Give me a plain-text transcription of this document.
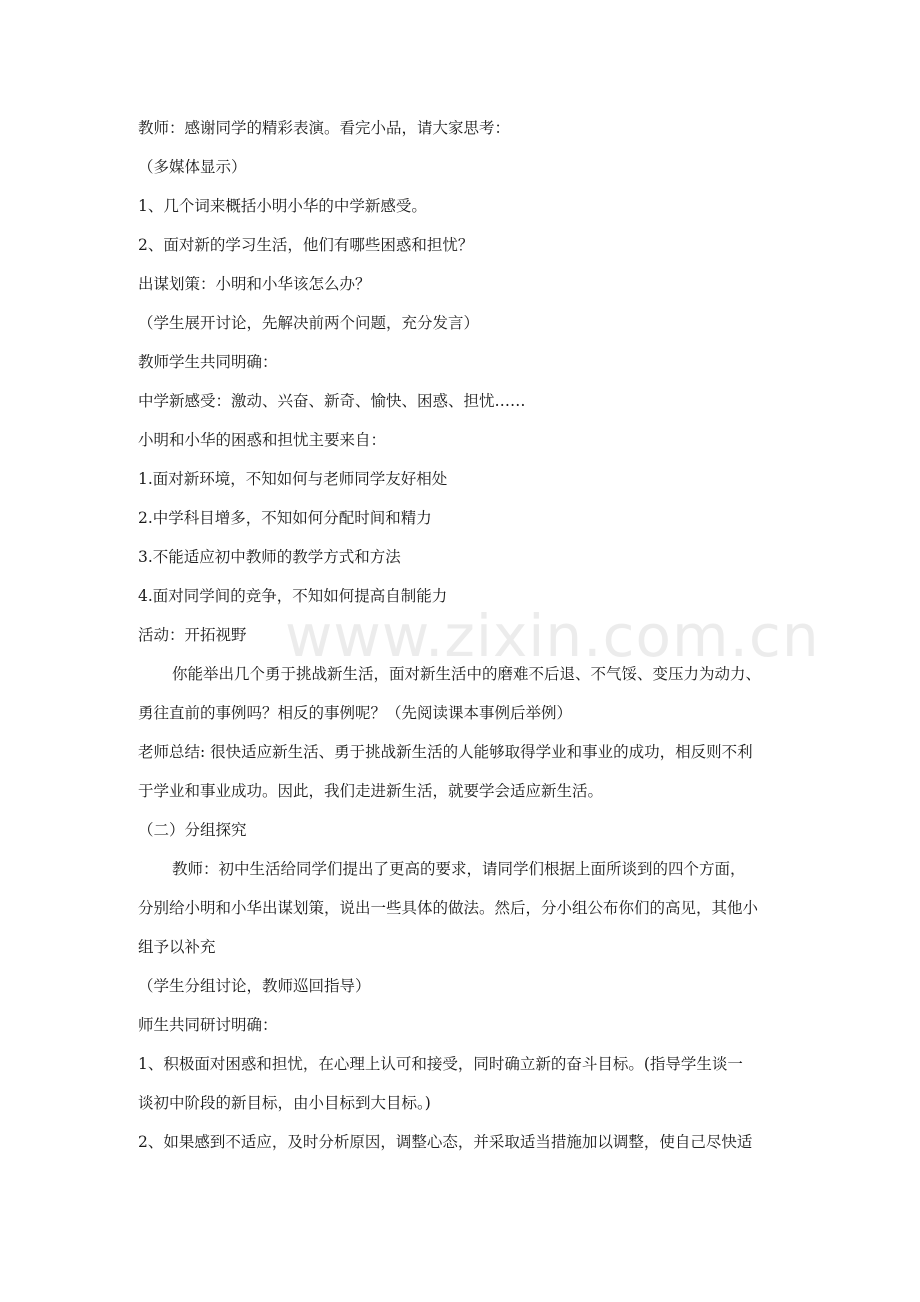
教师：感谢同学的精彩表演。看完小品，请大家思考：
（多媒体显示）
1、几个词来概括小明小华的中学新感受。
2、面对新的学习生活，他们有哪些困惑和担忧？
出谋划策：小明和小华该怎么办？
（学生展开讨论，先解决前两个问题，充分发言）
教师学生共同明确：
中学新感受：激动、兴奋、新奇、愉快、困惑、担忧……
小明和小华的困惑和担忧主要来自：
1.面对新环境，不知如何与老师同学友好相处
2.中学科目增多，不知如何分配时间和精力
3.不能适应初中教师的教学方式和方法
4.面对同学间的竞争，不知如何提高自制能力
活动：开拓视野
你能举出几个勇于挑战新生活，面对新生活中的磨难不后退、不气馁、变压力为动力、
勇往直前的事例吗？相反的事例呢？（先阅读课本事例后举例）
老师总结: 很快适应新生活、勇于挑战新生活的人能够取得学业和事业的成功，相反则不利
于学业和事业成功。因此，我们走进新生活，就要学会适应新生活。
（二）分组探究
教师：初中生活给同学们提出了更高的要求，请同学们根据上面所谈到的四个方面，
分别给小明和小华出谋划策，说出一些具体的做法。然后，分小组公布你们的高见，其他小
组予以补充
（学生分组讨论，教师巡回指导）
师生共同研讨明确：
1、积极面对困惑和担忧，在心理上认可和接受，同时确立新的奋斗目标。(指导学生谈一
谈初中阶段的新目标，由小目标到大目标。)
2、如果感到不适应，及时分析原因，调整心态，并采取适当措施加以调整，使自己尽快适
www.zixin.com.cn
